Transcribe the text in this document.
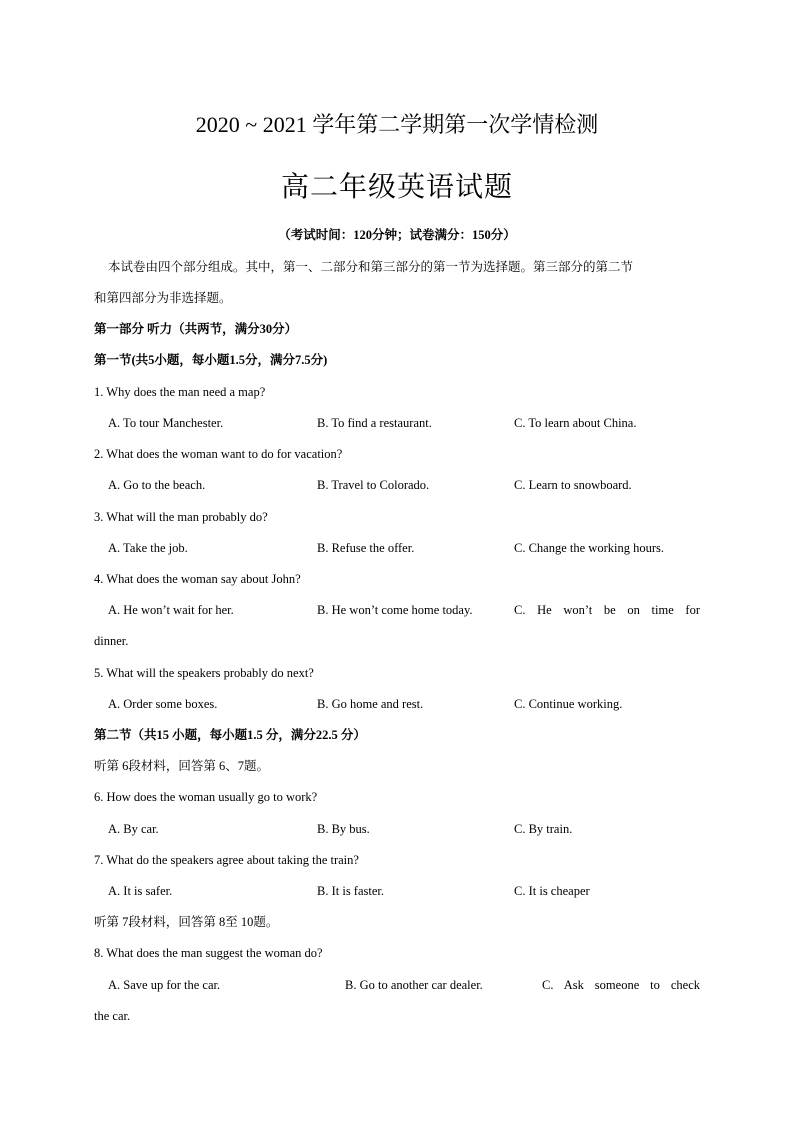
2020 ~ 2021 学年第二学期第一次学情检测
高二年级英语试题
（考试时间：120分钟；试卷满分：150分）
本试卷由四个部分组成。其中，第一、二部分和第三部分的第一节为选择题。第三部分的第二节
和第四部分为非选择题。
第一部分 听力（共两节，满分30分）
第一节(共5小题，每小题1.5分，满分7.5分)
1. Why does the man need a map?
A. To tour Manchester.	B. To find a restaurant.	C. To learn about China.
2. What does the woman want to do for vacation?
A. Go to the beach.	B. Travel to Colorado.	C. Learn to snowboard.
3. What will the man probably do?
A. Take the job.	B. Refuse the offer.	C. Change the working hours.
4. What does the woman say about John?
A. He won’t wait for her.	B. He won’t come home today.	C. He won’t be on time for
dinner.
5. What will the speakers probably do next?
A. Order some boxes.	B. Go home and rest.	C. Continue working.
第二节（共15 小题，每小题1.5 分，满分22.5 分）
听第 6段材料，回答第 6、7题。
6. How does the woman usually go to work?
A. By car.	B. By bus.	C. By train.
7. What do the speakers agree about taking the train?
A. It is safer.	B. It is faster.	C. It is cheaper
听第 7段材料，回答第 8至 10题。
8. What does the man suggest the woman do?
A. Save up for the car.	B. Go to another car dealer.	C. Ask someone to check
the car.
